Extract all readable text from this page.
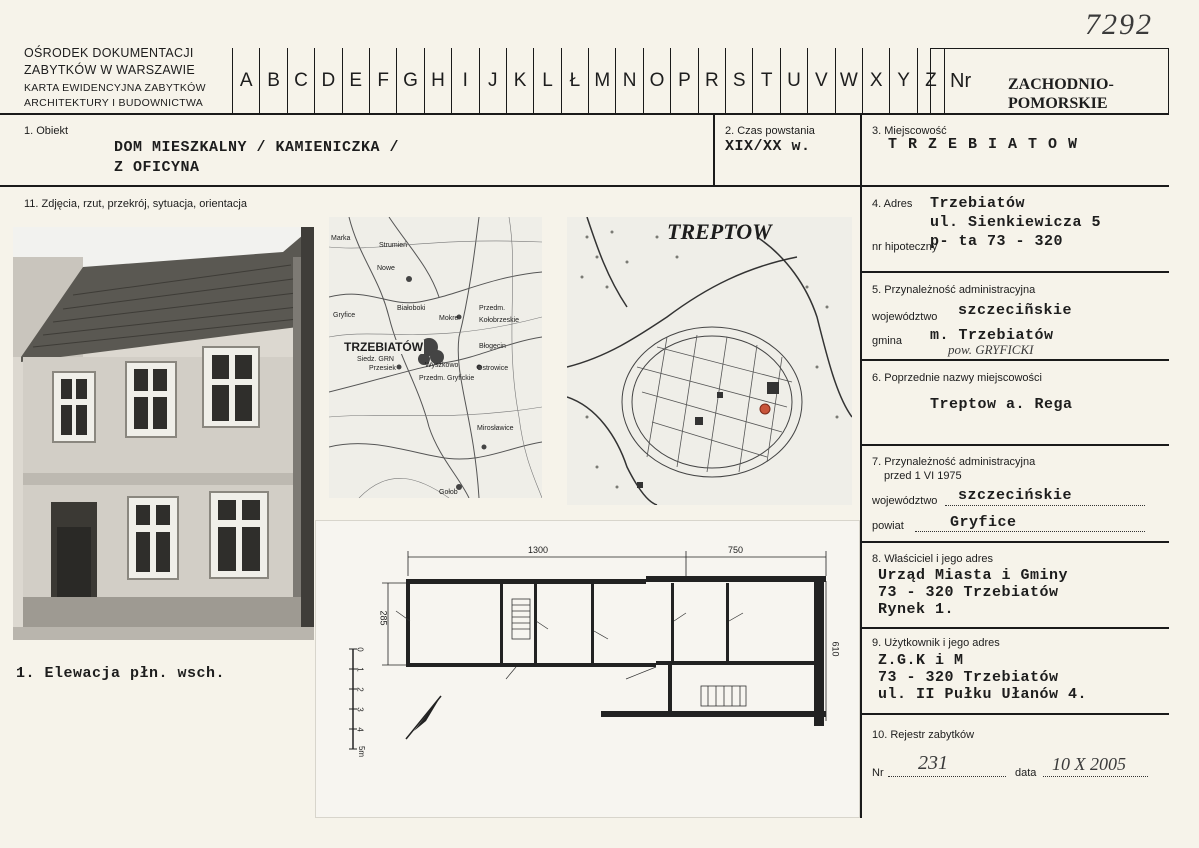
7292
OŚRODEK DOKUMENTACJI
ZABYTKÓW W WARSZAWIE
KARTA EWIDENCYJNA ZABYTKÓW
ARCHITEKTURY I BUDOWNICTWA
A B C D E F G H I	J K L Ł M N O P R S T U V W X Y Z Nr ZACHODNIO-
POMORSKIE
1. Obiekt
DOM MIESZKALNY / KAMIENICZKA /
Z OFICYNA
2. Czas powstania
XIX/XX w.
3. Miejscowość
T R Z E B I A T O W
11. Zdjęcia, rzut, przekrój, sytuacja, orientacja	4. Adres Trzebiatów
ul. Sienkiewicza 5
p- ta 73 - 320
nr hipoteczny
5. Przynależność administracyjna
województwo szczeciñskie
gmina m. Trzebiatów
pow. GRYFICKI
6. Poprzednie nazwy miejscowości
Treptow a. Rega
7. Przynależność administracyjna
przed 1 VI 1975
województwo szczecińskie
powiat	Gryfice
8. Właściciel i jego adres
Urząd Miasta i Gminy
73 - 320 Trzebiatów
Rynek 1.
9. Użytkownik i jego adres
Z.G.K i M
73 - 320 Trzebiatów
ul. II Pułku Ułanów 4.
10. Rejestr zabytków
Nr 231	data 10 X 2005
1. Elewacja płn. wsch.
TRZEBIATÓW
Nowe
Białoboki
Mokre
Przedm.
Kołobrzeskie
Błogęcin
Siedz. GRN
Przesiek	Wyszkowo	Ostrowice
Przedm. Gryfickie
Mirosławice
Gołob
Gryfice
Marka
Strumień
TREPTOW
1300	750
285
610
0
1
2
3
4
5m
